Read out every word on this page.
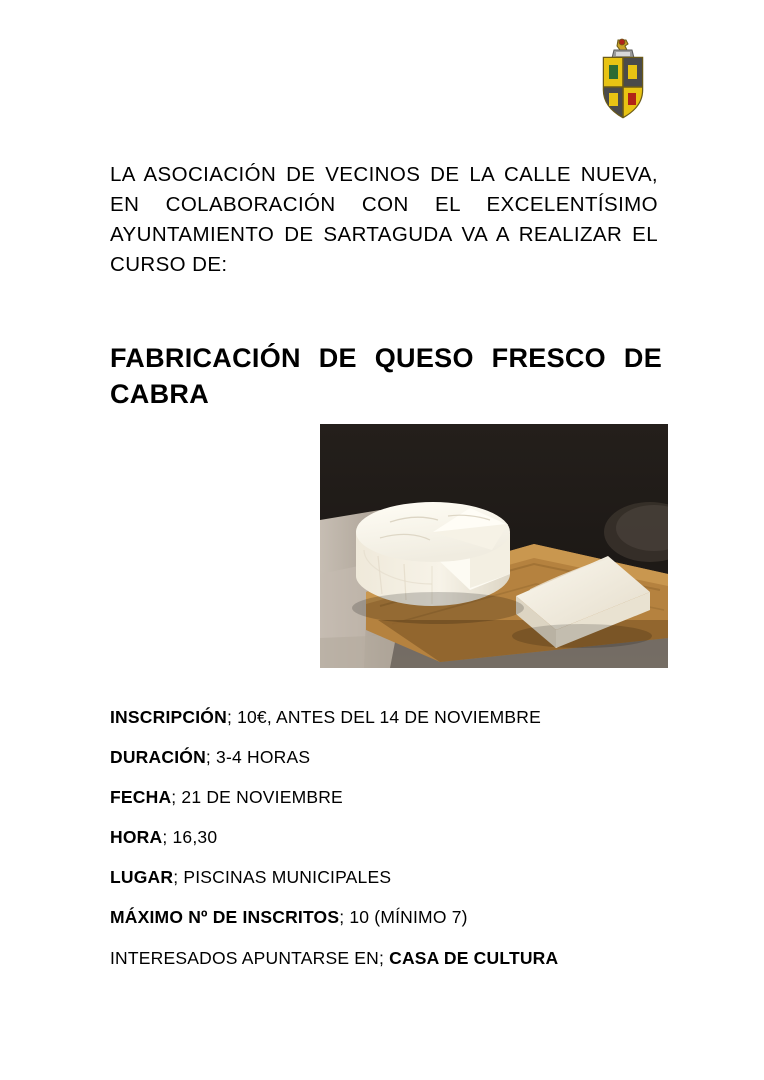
LA ASOCIACIÓN DE VECINOS DE LA CALLE NUEVA, EN COLABORACIÓN CON EL EXCELENTÍSIMO AYUNTAMIENTO DE SARTAGUDA VA A REALIZAR EL CURSO DE:
FABRICACIÓN DE QUESO FRESCO DE CABRA
INSCRIPCIÓN; 10€, ANTES DEL 14 DE NOVIEMBRE
DURACIÓN; 3-4 HORAS
FECHA; 21 DE NOVIEMBRE
HORA; 16,30
LUGAR; PISCINAS MUNICIPALES
MÁXIMO Nº DE INSCRITOS; 10 (MÍNIMO 7)
INTERESADOS APUNTARSE EN; CASA DE CULTURA
